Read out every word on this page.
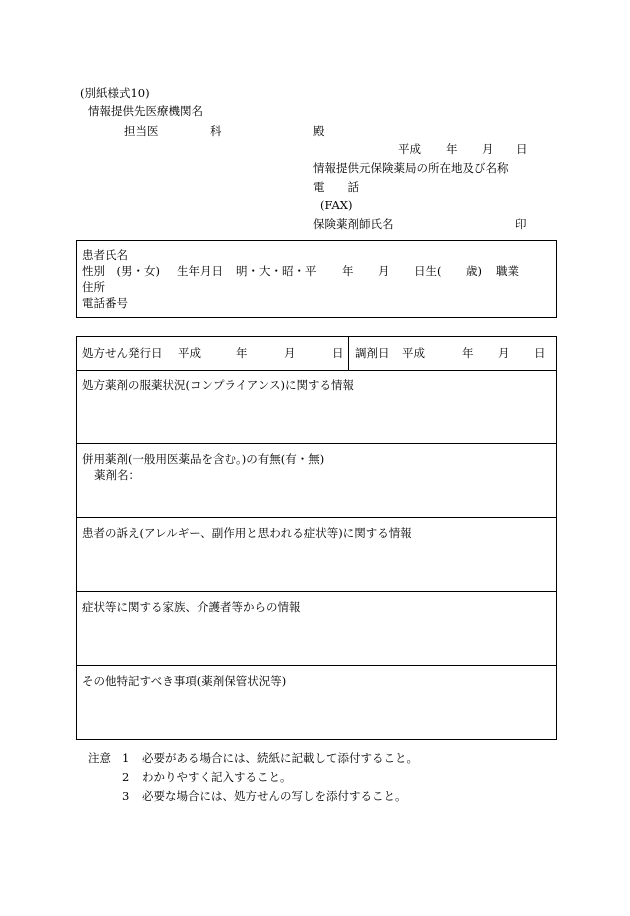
(別紙様式10)
情報提供先医療機関名
担当医	科	殿
平成 年 月 日
情報提供元保険薬局の所在地及び名称
電　　話
(FAX)
保険薬剤師氏名	印
患者氏名
性別　(男・女) 生年月日 明・大・昭・平 年 月 日生( 歳) 職業
住所
電話番号
処方せん発行日 平成	年	月	日 調剤日 平成	年 月 日
処方薬剤の服薬状況(コンプライアンス)に関する情報
併用薬剤(一般用医薬品を含む。)の有無(有・無)
薬剤名：
患者の訴え(アレルギー、副作用と思われる症状等)に関する情報
症状等に関する家族、介護者等からの情報
その他特記すべき事項(薬剤保管状況等)
注意 1 必要がある場合には、続紙に記載して添付すること。
2 わかりやすく記入すること。
3 必要な場合には、処方せんの写しを添付すること。
